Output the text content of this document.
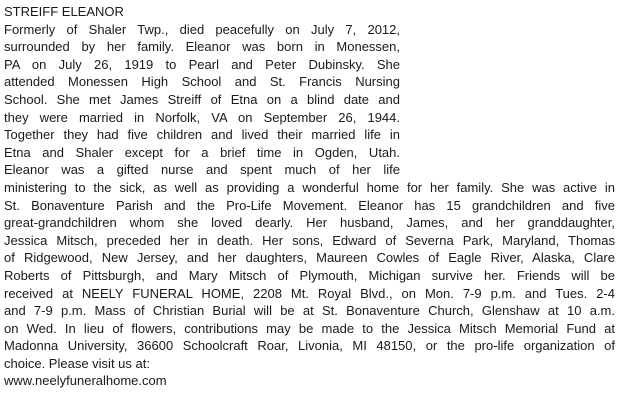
STREIFF ELEANOR
Formerly of Shaler Twp., died peacefully on July 7, 2012,
surrounded by her family. Eleanor was born in Monessen,
PA on July 26, 1919 to Pearl and Peter Dubinsky. She
attended Monessen High School and St. Francis Nursing
School. She met James Streiff of Etna on a blind date and
they were married in Norfolk, VA on September 26, 1944.
Together they had five children and lived their married life in
Etna and Shaler except for a brief time in Ogden, Utah.
Eleanor was a gifted nurse and spent much of her life
ministering to the sick, as well as providing a wonderful home for her family. She was active in
St. Bonaventure Parish and the Pro-Life Movement. Eleanor has 15 grandchildren and five
great-grandchildren whom she loved dearly. Her husband, James, and her granddaughter,
Jessica Mitsch, preceded her in death. Her sons, Edward of Severna Park, Maryland, Thomas
of Ridgewood, New Jersey, and her daughters, Maureen Cowles of Eagle River, Alaska, Clare
Roberts of Pittsburgh, and Mary Mitsch of Plymouth, Michigan survive her. Friends will be
received at NEELY FUNERAL HOME, 2208 Mt. Royal Blvd., on Mon. 7-9 p.m. and Tues. 2-4
and 7-9 p.m. Mass of Christian Burial will be at St. Bonaventure Church, Glenshaw at 10 a.m.
on Wed. In lieu of flowers, contributions may be made to the Jessica Mitsch Memorial Fund at
Madonna University, 36600 Schoolcraft Roar, Livonia, MI 48150, or the pro-life organization of
choice. Please visit us at:
www.neelyfuneralhome.com
